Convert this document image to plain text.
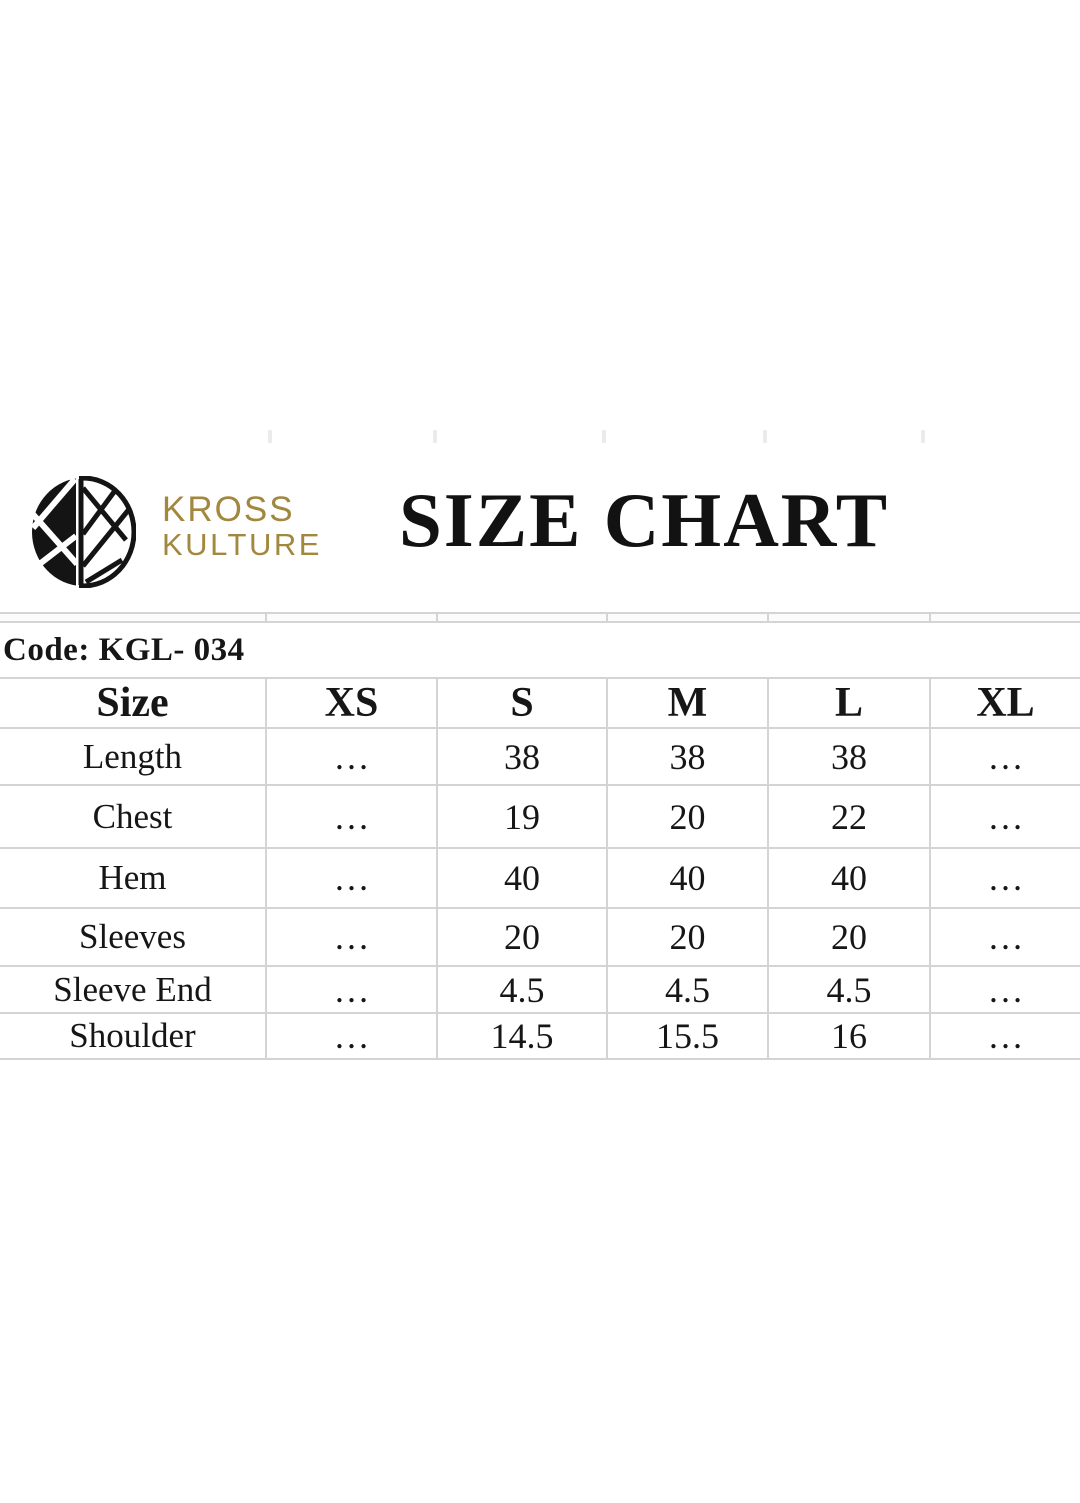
KROSS
KULTURE	SIZE CHART
Code: KGL- 034
Size	XS	S	M	L	XL
Length	…	38	38	38	…
Chest	…	19	20	22	…
Hem	…	40	40	40	…
Sleeves	…	20	20	20	…
Sleeve End	…	4.5	4.5	4.5	…
Shoulder	…	14.5	15.5	16	…
